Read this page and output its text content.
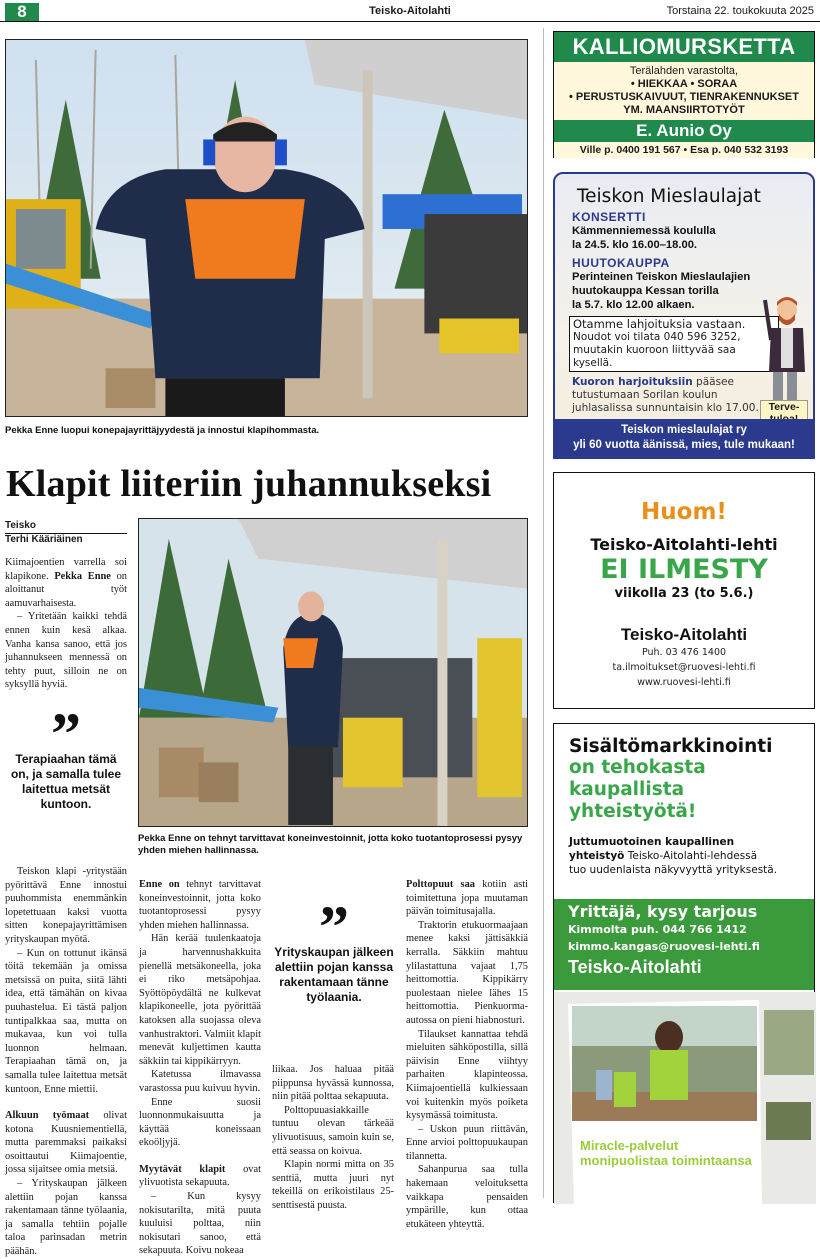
8	Teisko-Aitolahti	Torstaina 22. toukokuuta 2025
Pekka Enne luopui konepajayrittäjyydestä ja innostui klapihommasta.
Klapit liiteriin juhannukseksi
Teisko
Terhi Kääriäinen

Kiimajoentien varrella soi klapikone. Pekka Enne on aloittanut työt aamuvarhaisesta.

– Yritetään kaikki tehdä ennen kuin kesä alkaa. Vanha kansa sanoo, että jos juhannukseen mennessä on tehty puut, silloin ne on syksyllä hyviä.

”
Terapiaahan tämä on, ja samalla tulee laitettua metsät kuntoon.
Pekka Enne on tehnyt tarvittavat koneinvestoinnit, jotta koko tuotantoprosessi pysyy yhden miehen hallinnassa.

Teiskon klapi -yritystään pyörittävä Enne innostui puuhommista enemmänkin lopetettuaan kaksi vuotta sitten konepajayrittämisen yrityskaupan myötä.

– Kun on tottunut ikänsä töitä tekemään ja omissa metsissä on puita, siitä lähti idea, että tämähän on kivaa puuhastelua. Ei tästä paljon tuntipalkkaa saa, mutta on mukavaa, kun voi tulla luonnon helmaan. Terapiaahan tämä on, ja samalla tulee laitettua metsät kuntoon, Enne miettii.

Alkuun työmaat olivat kotona Kuusniementiellä, mutta paremmaksi paikaksi osoittautui Kiimajoentie, jossa sijaitsee omia metsiä.

– Yrityskaupan jälkeen alettiin pojan kanssa rakentamaan tänne työlaania, ja samalla tehtiin pojalle taloa parinsadan metrin päähän.

Enne on tehnyt tarvittavat koneinvestoinnit, jotta koko tuotantoprosessi pysyy yhden miehen hallinnassa.

Hän kerää tuulenkaatoja ja harvennushakkuita pienellä metsäkoneella, joka ei riko metsäpohjaa. Syöttöpöydältä ne kulkevat klapikoneelle, jota pyörittää katoksen alla suojassa oleva vanhustraktori. Valmiit klapit menevät kuljettimen kautta säkkiin tai kippikärryyn.

Katetussa ilmavassa varastossa puu kuivuu hyvin.

Enne suosii luonnonmukaisuutta ja käyttää koneissaan ekoöljyjä.

Myytävät klapit ovat ylivuotista sekapuuta.

– Kun kysyy nokisutarilta, mitä puuta kuuluisi polttaa, niin nokisutari sanoo, että sekapuuta. Koivu nokeaa

”
Yrityskaupan jälkeen alettiin pojan kanssa rakentamaan tänne työlaania.

liikaa. Jos haluaa pitää piippunsa hyvässä kunnossa, niin pitää polttaa sekapuuta.

Polttopuuasiakkaille tuntuu olevan tärkeää ylivuotisuus, samoin kuin se, että seassa on koivua.

Klapin normi mitta on 35 senttiä, mutta juuri nyt tekeillä on erikoistilaus 25-senttisestä puusta.

Polttopuut saa kotiin asti toimitettuna jopa muutaman päivän toimitusajalla.

Traktorin etukuormaajaan menee kaksi jättisäkkiä kerralla. Säkkiin mahtuu ylilastattuna vajaat 1,75 heittomottia. Kippikärry puolestaan nielee lähes 15 heittomottia. Pienkuorma-autossa on pieni hiabnosturi.

Tilaukset kannattaa tehdä mieluiten sähköpostilla, sillä päivisin Enne viihtyy parhaiten klapinteossa. Kiimajoentiellä kulkiessaan voi kuitenkin myös poiketa kysymässä toimitusta.

– Uskon puun riittävän, Enne arvioi polttopuukaupan tilannetta.

Sahanpurua saa tulla hakemaan veloituksetta vaikkapa pensaiden ympärille, kun ottaa etukäteen yhteyttä.

KALLIOMURSKETTA
Terälahden varastolta,
• HIEKKAA • SORAA
• PERUSTUSKAIVUUT, TIENRAKENNUKSET
YM. MAANSIIRTOTYÖT
E. Aunio Oy
Ville p. 0400 191 567 • Esa p. 040 532 3193
Teiskon Mieslaulajat
KONSERTTI
Kämmenniemessä koululla
la 24.5. klo 16.00–18.00.
HUUTOKAUPPA
Perinteinen Teiskon Mieslaulajien
huutokauppa Kessan torilla
la 5.7. klo 12.00 alkaen.
Otamme lahjoituksia vastaan.
Noudot voi tilata 040 596 3252,
muutakin kuoroon liittyvää saa kysellä.
Kuoron harjoituksiin pääsee
tutustumaan Sorilan koulun
juhlasalissa sunnuntaisin klo 17.00. Terve-
Teiskon mieslaulajat ry
yli 60 vuotta äänissä, mies, tule mukaan!
Huom!
Teisko-Aitolahti-lehti
EI ILMESTY
viikolla 23 (to 5.6.)
Teisko-Aitolahti
Puh. 03 476 1400
ta.ilmoitukset@ruovesi-lehti.fi
www.ruovesi-lehti.fi
Sisältömarkkinointi
on tehokasta
kaupallista
yhteistyötä!
Juttumuotoinen kaupallinen
yhteistyö Teisko-Aitolahti-lehdessä
tuo uudenlaista näkyvyyttä yrityksestä.
Yrittäjä, kysy tarjous
Kimmolta puh. 044 766 1412
kimmo.kangas@ruovesi-lehti.fi
Teisko-Aitolahti
Miracle-palvelut
monipuolistaa toimintaansa
